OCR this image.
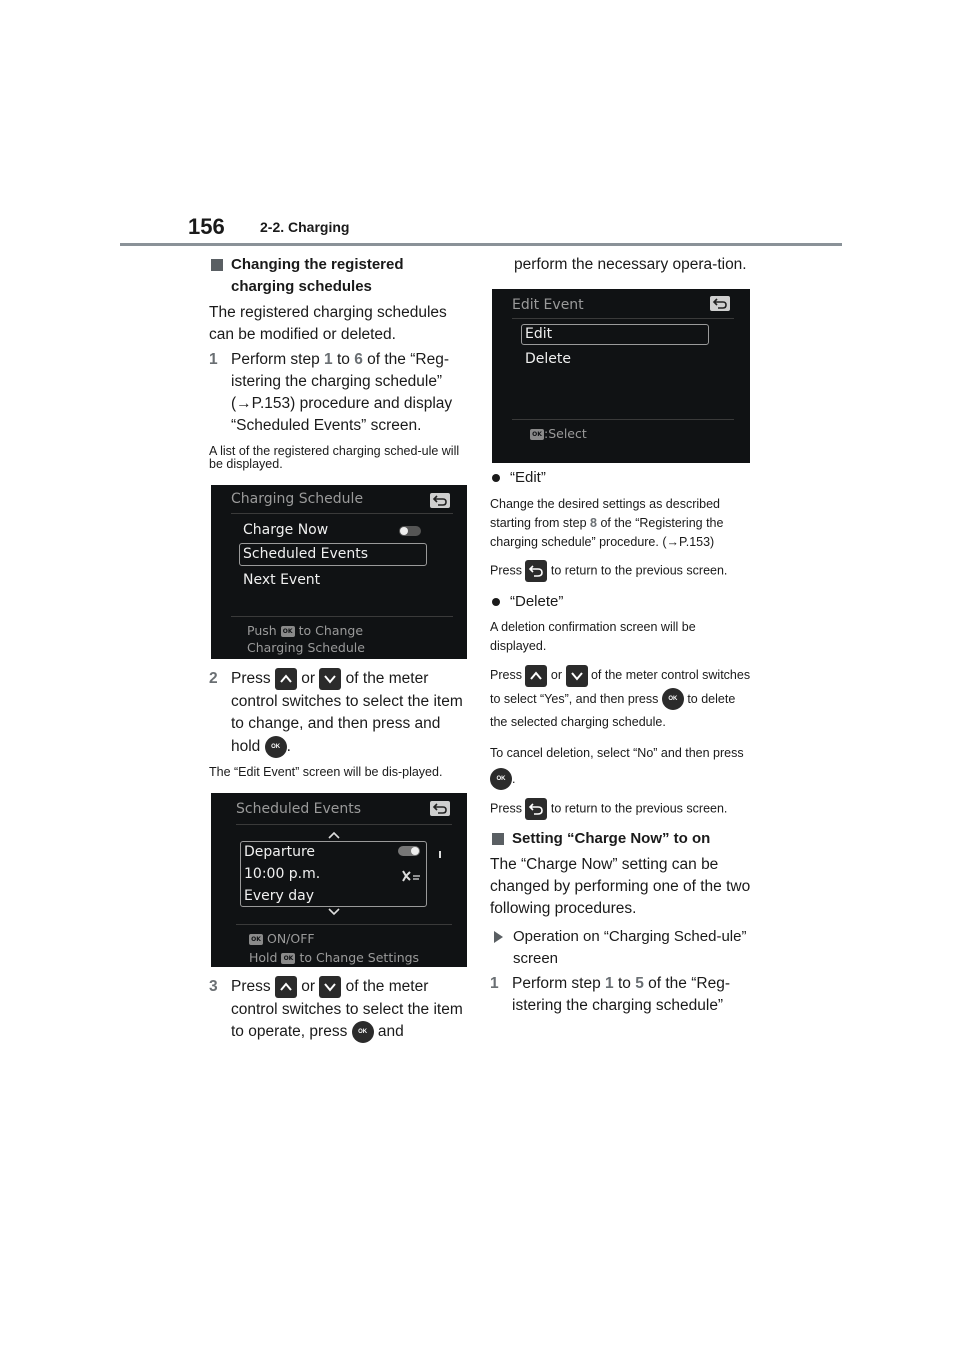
156	2-2. Charging
Changing the registered charging schedules
The registered charging schedules can be modified or deleted.
1 Perform step 1 to 6 of the “Reg-istering the charging schedule” (→P.153) procedure and display “Scheduled Events” screen.
A list of the registered charging sched-ule will be displayed.
Charging Schedule
Charge Now
Scheduled Events
Next Event
Push OK to Change
Charging Schedule
2 Press
or
of the meter control switches to select the item to change, and then press and hold OK .
The “Edit Event” screen will be dis-played.
Scheduled Events
Departure
10:00 p.m.
Every day
OK ON/OFF
Hold OK to Change Settings
3 Press
or
of the meter control switches to select the item to operate, press OK and
perform the necessary opera-tion.
Edit Event
Edit
Delete
OK :Select
“Edit”
Change the desired settings as described starting from step 8 of the “Registering the charging schedule” procedure. (→P.153)
Press
to return to the previous screen.
“Delete”
A deletion confirmation screen will be displayed.
Press
or
of the meter control switches to select “Yes”, and then press OK to delete the selected charging schedule.
To cancel deletion, select “No” and then press OK .
Press
to return to the previous screen.
Setting “Charge Now” to on
The “Charge Now” setting can be changed by performing one of the two following procedures.
Operation on “Charging Sched-ule” screen
1 Perform step 1 to 5 of the “Reg-istering the charging schedule”
